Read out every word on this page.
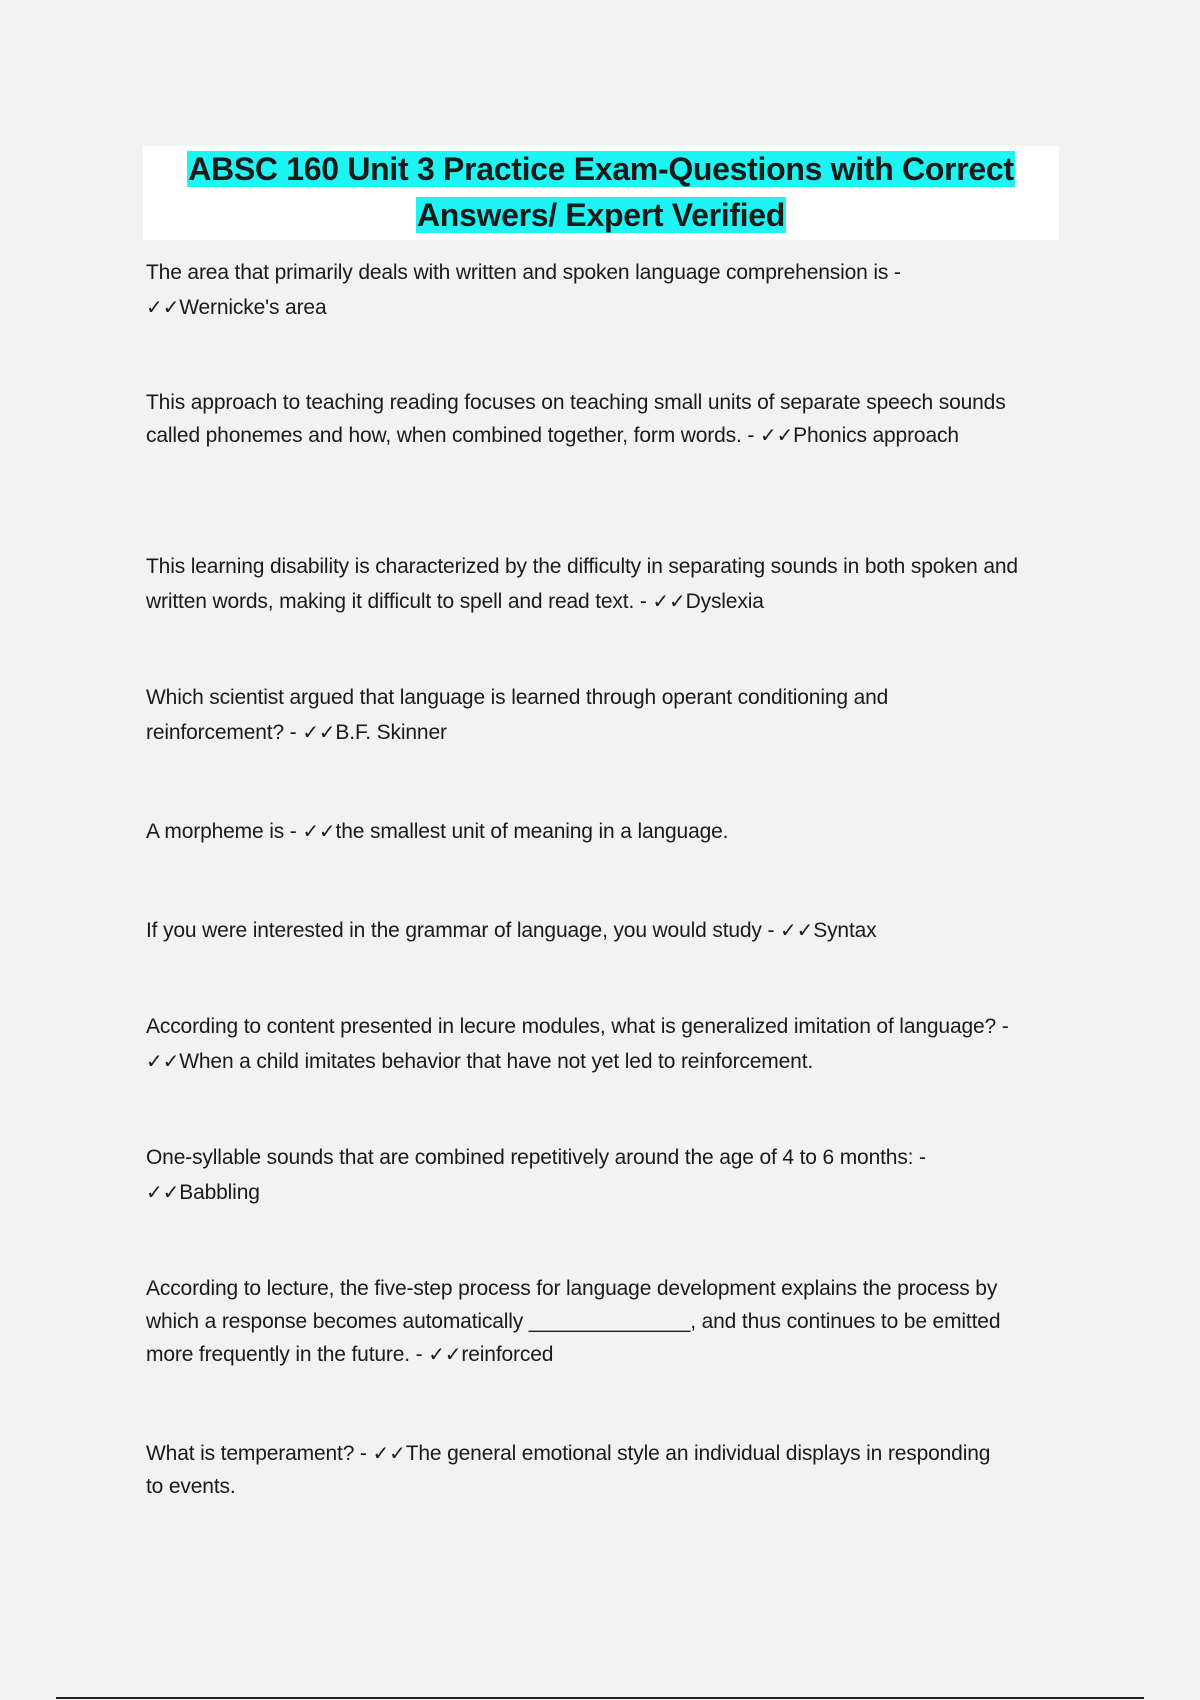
ABSC 160 Unit 3 Practice Exam-Questions with Correct
Answers/ Expert Verified

The area that primarily deals with written and spoken language comprehension is - ✓✓Wernicke's area

This approach to teaching reading focuses on teaching small units of separate speech sounds called phonemes and how, when combined together, form words. - ✓✓Phonics approach

This learning disability is characterized by the difficulty in separating sounds in both spoken and written words, making it difficult to spell and read text. - ✓✓Dyslexia

Which scientist argued that language is learned through operant conditioning and reinforcement? - ✓✓B.F. Skinner

A morpheme is - ✓✓the smallest unit of meaning in a language.

If you were interested in the grammar of language, you would study - ✓✓Syntax

According to content presented in lecure modules, what is generalized imitation of language? - ✓✓When a child imitates behavior that have not yet led to reinforcement.

One-syllable sounds that are combined repetitively around the age of 4 to 6 months: - ✓✓Babbling

According to lecture, the five-step process for language development explains the process by which a response becomes automatically ______________, and thus continues to be emitted more frequently in the future. - ✓✓reinforced

What is temperament? - ✓✓The general emotional style an individual displays in responding to events.
